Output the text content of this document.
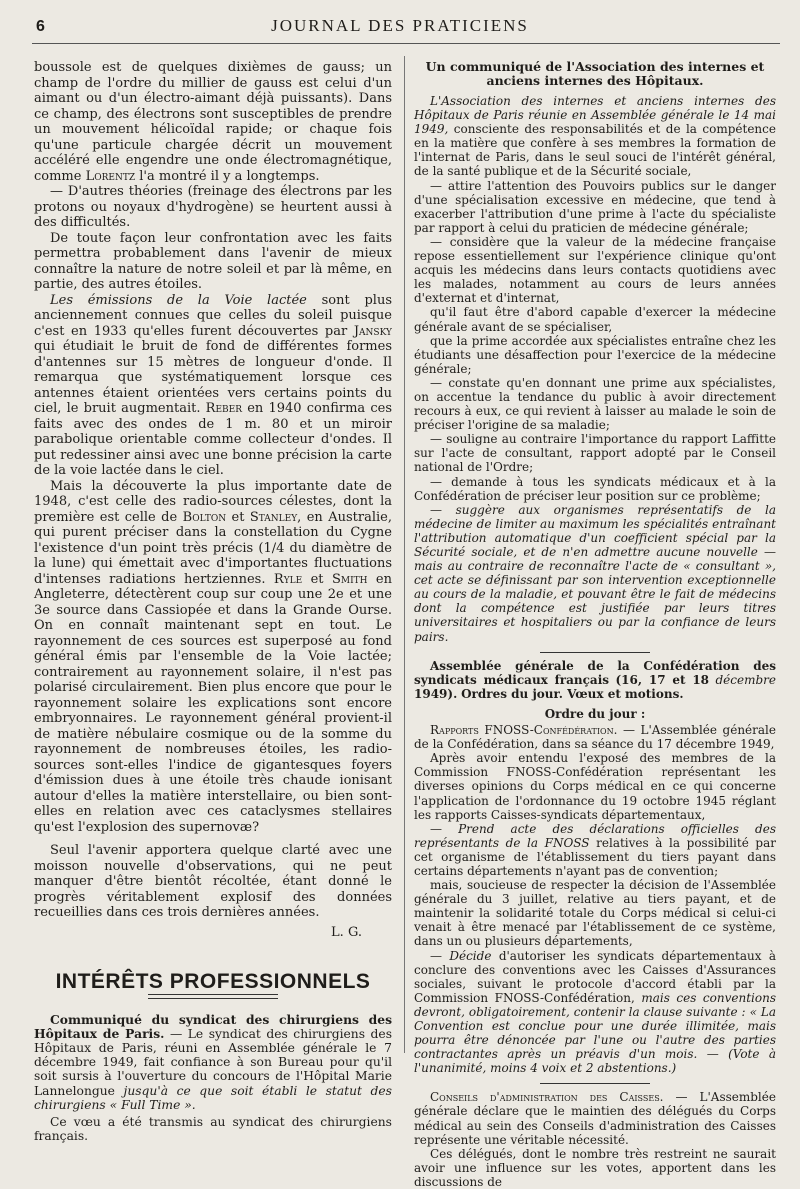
6	JOURNAL DES PRATICIENS

boussole est de quelques dixièmes de gauss; un champ de l'ordre du millier de gauss est celui d'un aimant ou d'un électro-aimant déjà puissants). Dans ce champ, des électrons sont susceptibles de prendre un mouvement hélicoïdal rapide; or chaque fois qu'une particule chargée décrit un mouvement accéléré elle engendre une onde électromagnétique, comme Lorentz l'a montré il y a longtemps.

— D'autres théories (freinage des électrons par les protons ou noyaux d'hydrogène) se heurtent aussi à des difficultés.

De toute façon leur confrontation avec les faits permettra probablement dans l'avenir de mieux connaître la nature de notre soleil et par là même, en partie, des autres étoiles.

Les émissions de la Voie lactée sont plus anciennement connues que celles du soleil puisque c'est en 1933 qu'elles furent découvertes par Jansky qui étudiait le bruit de fond de différentes formes d'antennes sur 15 mètres de longueur d'onde. Il remarqua que systématiquement lorsque ces antennes étaient orientées vers certains points du ciel, le bruit augmentait. Reber en 1940 confirma ces faits avec des ondes de 1 m. 80 et un miroir parabolique orientable comme collecteur d'ondes. Il put redessiner ainsi avec une bonne précision la carte de la voie lactée dans le ciel.

Mais la découverte la plus importante date de 1948, c'est celle des radio-sources célestes, dont la première est celle de Bolton et Stanley, en Australie, qui purent préciser dans la constellation du Cygne l'existence d'un point très précis (1/4 du diamètre de la lune) qui émettait avec d'importantes fluctuations d'intenses radiations hertziennes. Ryle et Smith en Angleterre, détectèrent coup sur coup une 2e et une 3e source dans Cassiopée et dans la Grande Ourse. On en connaît maintenant sept en tout. Le rayonnement de ces sources est superposé au fond général émis par l'ensemble de la Voie lactée; contrairement au rayonnement solaire, il n'est pas polarisé circulairement. Bien plus encore que pour le rayonnement solaire les explications sont encore embryonnaires. Le rayonnement général provient-il de matière nébulaire cosmique ou de la somme du rayonnement de nombreuses étoiles, les radio-sources sont-elles l'indice de gigantesques foyers d'émission dues à une étoile très chaude ionisant autour d'elles la matière interstellaire, ou bien sont-elles en relation avec ces cataclysmes stellaires qu'est l'explosion des supernovæ?

Seul l'avenir apportera quelque clarté avec une moisson nouvelle d'observations, qui ne peut manquer d'être bientôt récoltée, étant donné le progrès véritablement explosif des données recueillies dans ces trois dernières années.

L. G.

INTÉRÊTS PROFESSIONNELS

Communiqué du syndicat des chirurgiens des Hôpitaux de Paris. — Le syndicat des chirurgiens des Hôpitaux de Paris, réuni en Assemblée générale le 7 décembre 1949, fait confiance à son Bureau pour qu'il soit sursis à l'ouverture du concours de l'Hôpital Marie Lannelongue jusqu'à ce que soit établi le statut des chirurgiens « Full Time ».

Ce vœu a été transmis au syndicat des chirurgiens français.

Un communiqué de l'Association des internes et anciens internes des Hôpitaux.

L'Association des internes et anciens internes des Hôpitaux de Paris réunie en Assemblée générale le 14 mai 1949, consciente des responsabilités et de la compétence en la matière que confère à ses membres la formation de l'internat de Paris, dans le seul souci de l'intérêt général, de la santé publique et de la Sécurité sociale,

— attire l'attention des Pouvoirs publics sur le danger d'une spécialisation excessive en médecine, que tend à exacerber l'attribution d'une prime à l'acte du spécialiste par rapport à celui du praticien de médecine générale;

— considère que la valeur de la médecine française repose essentiellement sur l'expérience clinique qu'ont acquis les médecins dans leurs contacts quotidiens avec les malades, notamment au cours de leurs années d'externat et d'internat,

qu'il faut être d'abord capable d'exercer la médecine générale avant de se spécialiser,

que la prime accordée aux spécialistes entraîne chez les étudiants une désaffection pour l'exercice de la médecine générale;

— constate qu'en donnant une prime aux spécialistes, on accentue la tendance du public à avoir directement recours à eux, ce qui revient à laisser au malade le soin de préciser l'origine de sa maladie;

— souligne au contraire l'importance du rapport Laffitte sur l'acte de consultant, rapport adopté par le Conseil national de l'Ordre;

— demande à tous les syndicats médicaux et à la Confédération de préciser leur position sur ce problème;

— suggère aux organismes représentatifs de la médecine de limiter au maximum les spécialités entraînant l'attribution automatique d'un coefficient spécial par la Sécurité sociale, et de n'en admettre aucune nouvelle — mais au contraire de reconnaître l'acte de « consultant », cet acte se définissant par son intervention exceptionnelle au cours de la maladie, et pouvant être le fait de médecins dont la compétence est justifiée par leurs titres universitaires et hospitaliers ou par la confiance de leurs pairs.

Assemblée générale de la Confédération des syndicats médicaux français (16, 17 et 18 décembre 1949). Ordres du jour. Vœux et motions.

Ordre du jour :

Rapports FNOSS-Confédération. — L'Assemblée générale de la Confédération, dans sa séance du 17 décembre 1949,

Après avoir entendu l'exposé des membres de la Commission FNOSS-Confédération représentant les diverses opinions du Corps médical en ce qui concerne l'application de l'ordonnance du 19 octobre 1945 réglant les rapports Caisses-syndicats départementaux,

— Prend acte des déclarations officielles des représentants de la FNOSS relatives à la possibilité par cet organisme de l'établissement du tiers payant dans certains départements n'ayant pas de convention;

mais, soucieuse de respecter la décision de l'Assemblée générale du 3 juillet, relative au tiers payant, et de maintenir la solidarité totale du Corps médical si celui-ci venait à être menacé par l'établissement de ce système, dans un ou plusieurs départements,

— Décide d'autoriser les syndicats départementaux à conclure des conventions avec les Caisses d'Assurances sociales, suivant le protocole d'accord établi par la Commission FNOSS-Confédération, mais ces conventions devront, obligatoirement, contenir la clause suivante : « La Convention est conclue pour une durée illimitée, mais pourra être dénoncée par l'une ou l'autre des parties contractantes après un préavis d'un mois. — (Vote à l'unanimité, moins 4 voix et 2 abstentions.)

Conseils d'administration des Caisses. — L'Assemblée générale déclare que le maintien des délégués du Corps médical au sein des Conseils d'administration des Caisses représente une véritable nécessité.

Ces délégués, dont le nombre très restreint ne saurait avoir une influence sur les votes, apportent dans les discussions de
